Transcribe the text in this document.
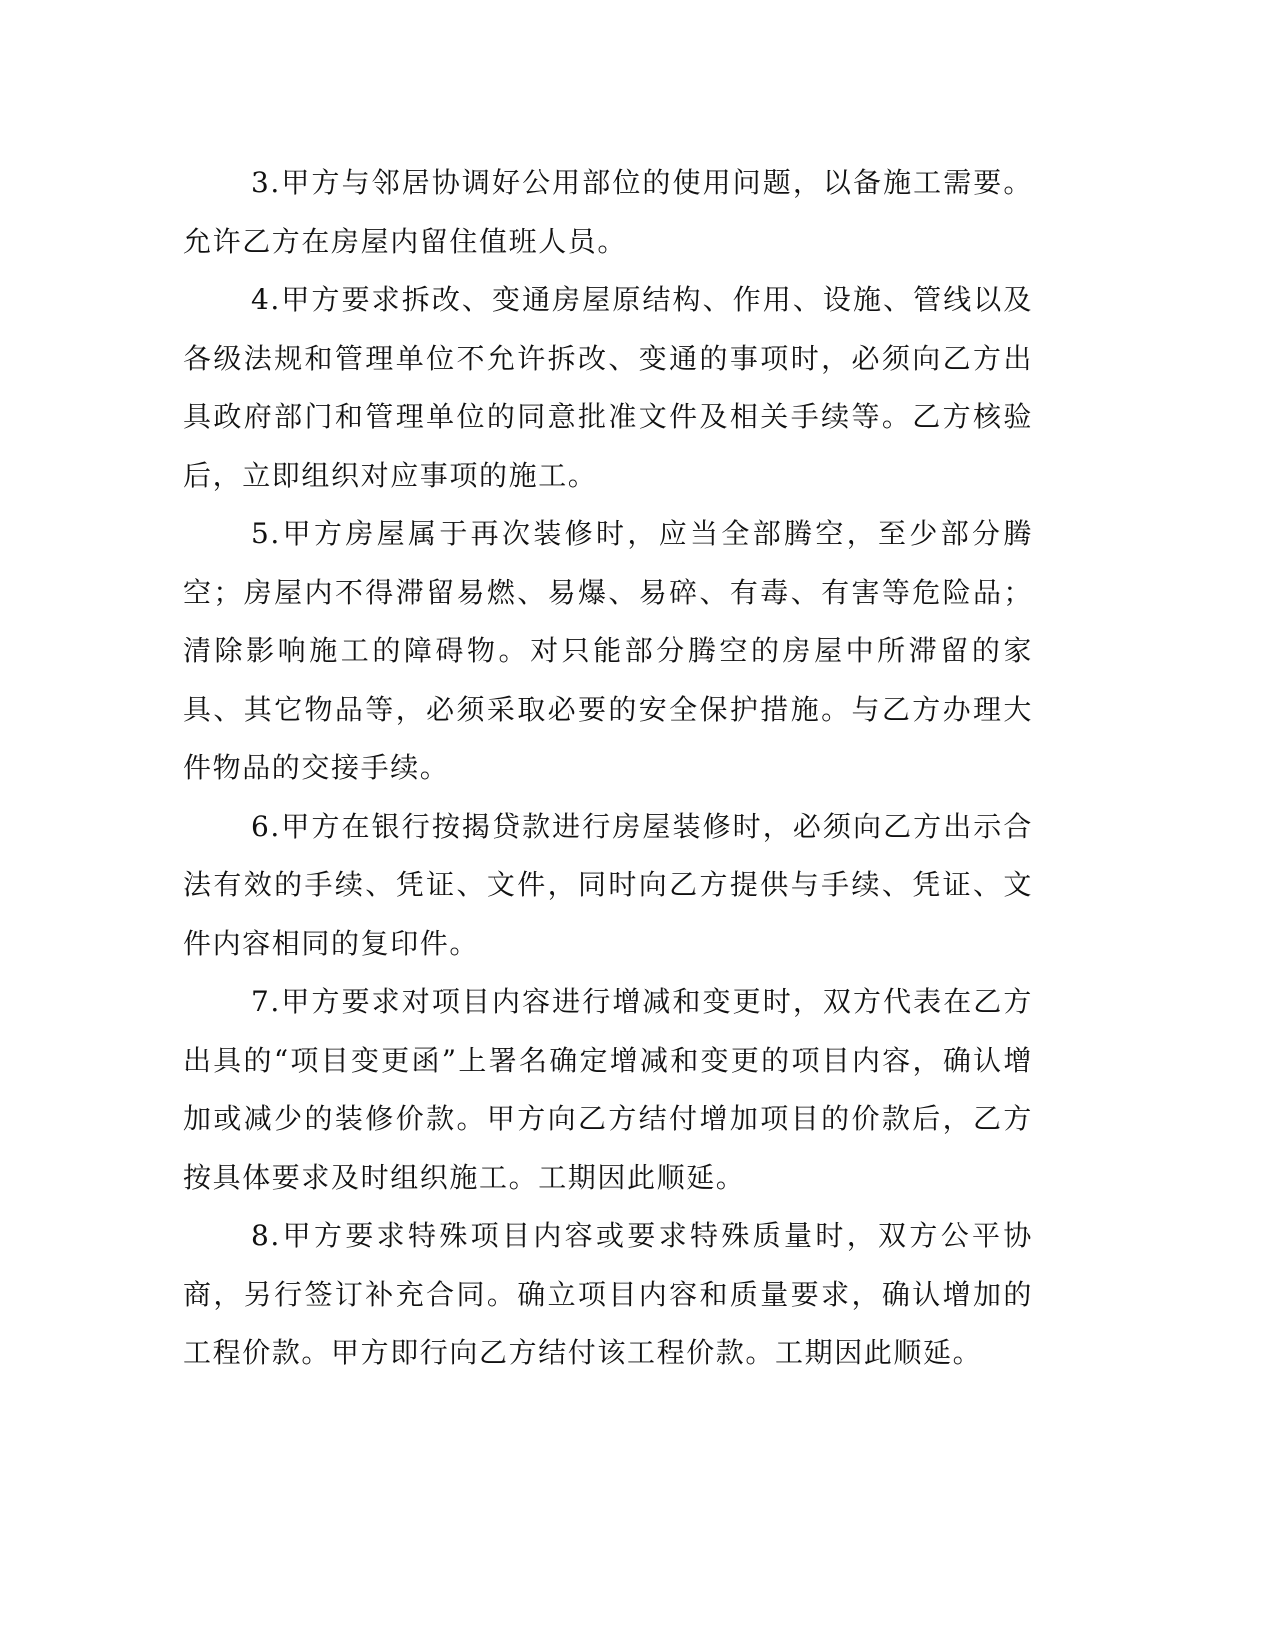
3.甲方与邻居协调好公用部位的使用问题，以备施工需要。允许乙方在房屋内留住值班人员。

4.甲方要求拆改、变通房屋原结构、作用、设施、管线以及各级法规和管理单位不允许拆改、变通的事项时，必须向乙方出具政府部门和管理单位的同意批准文件及相关手续等。乙方核验后，立即组织对应事项的施工。

5.甲方房屋属于再次装修时，应当全部腾空，至少部分腾空；房屋内不得滞留易燃、易爆、易碎、有毒、有害等危险品；清除影响施工的障碍物。对只能部分腾空的房屋中所滞留的家具、其它物品等，必须采取必要的安全保护措施。与乙方办理大件物品的交接手续。

6.甲方在银行按揭贷款进行房屋装修时，必须向乙方出示合法有效的手续、凭证、文件，同时向乙方提供与手续、凭证、文件内容相同的复印件。

7.甲方要求对项目内容进行增减和变更时，双方代表在乙方出具的“项目变更函”上署名确定增减和变更的项目内容，确认增加或减少的装修价款。甲方向乙方结付增加项目的价款后，乙方按具体要求及时组织施工。工期因此顺延。

8.甲方要求特殊项目内容或要求特殊质量时，双方公平协商，另行签订补充合同。确立项目内容和质量要求，确认增加的工程价款。甲方即行向乙方结付该工程价款。工期因此顺延。
